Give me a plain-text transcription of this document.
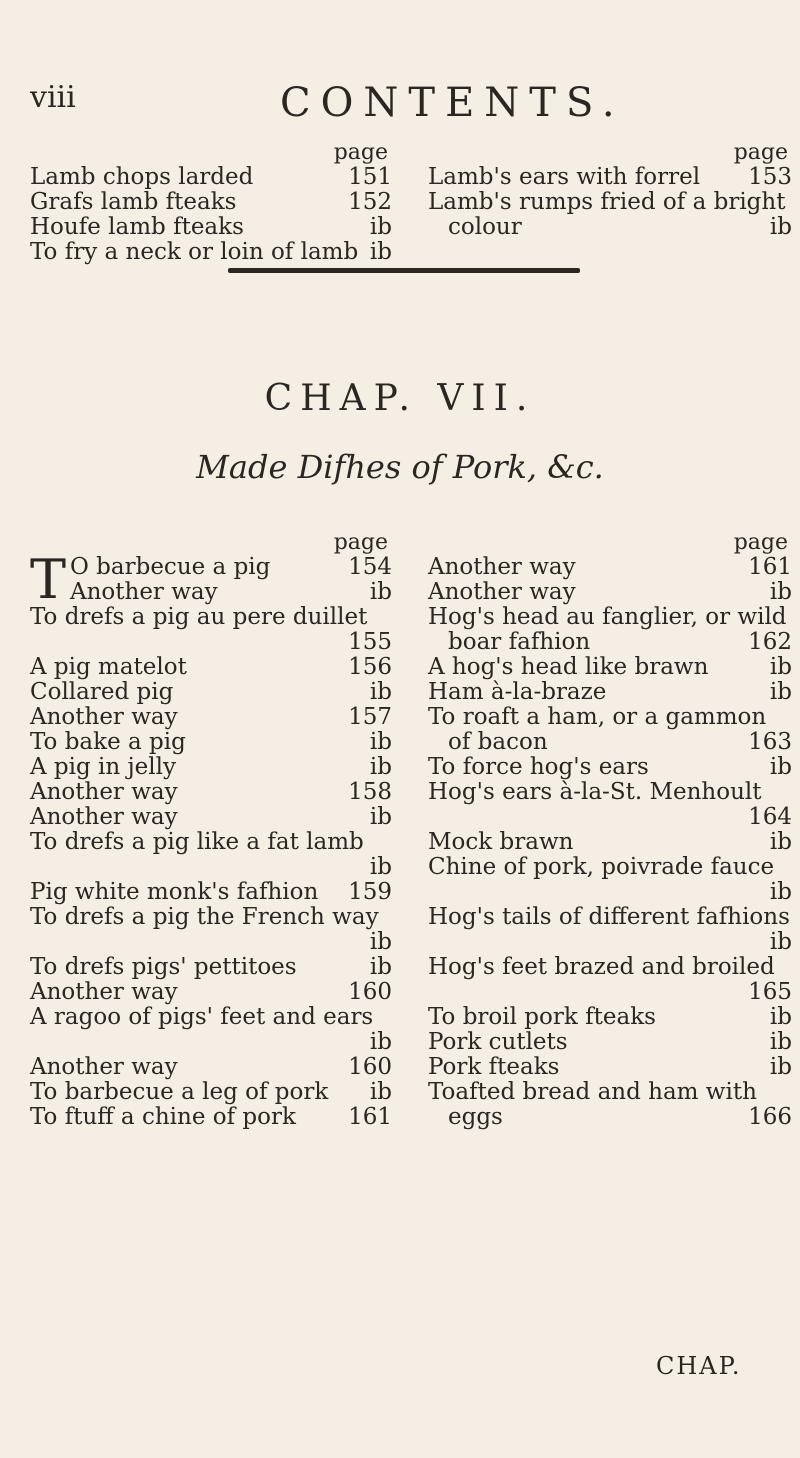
viii	CONTENTS.
page
Lamb chops larded	151
Grafs lamb fteaks	152
Houfe lamb fteaks	ib
To fry a neck or loin of lamb ib
page
Lamb's ears with forrel 153
Lamb's rumps fried of a bright
colour	ib
CHAP. VII.
Made Difhes of Pork, &c.
page
T O barbecue a pig	154
Another way	ib
To drefs a pig au pere duillet
155
A pig matelot	156
Collared pig	ib
Another way	157
To bake a pig	ib
A pig in jelly	ib
Another way	158
Another way	ib
To drefs a pig like a fat lamb
ib
Pig white monk's fafhion 159
To drefs a pig the French way
ib
To drefs pigs' pettitoes	ib
Another way	160
A ragoo of pigs' feet and ears
ib
Another way	160
To barbecue a leg of pork ib
To ftuff a chine of pork 161
page
Another way	161
Another way	ib
Hog's head au fanglier, or wild
boar fafhion	162
A hog's head like brawn	ib
Ham à-la-braze	ib
To roaft a ham, or a gammon
of bacon	163
To force hog's ears	ib
Hog's ears à-la-St. Menhoult
164
Mock brawn	ib
Chine of pork, poivrade fauce
ib
Hog's tails of different fafhions
ib
Hog's feet brazed and broiled
165
To broil pork fteaks	ib
Pork cutlets	ib
Pork fteaks	ib
Toafted bread and ham with
eggs	166
CHAP.
